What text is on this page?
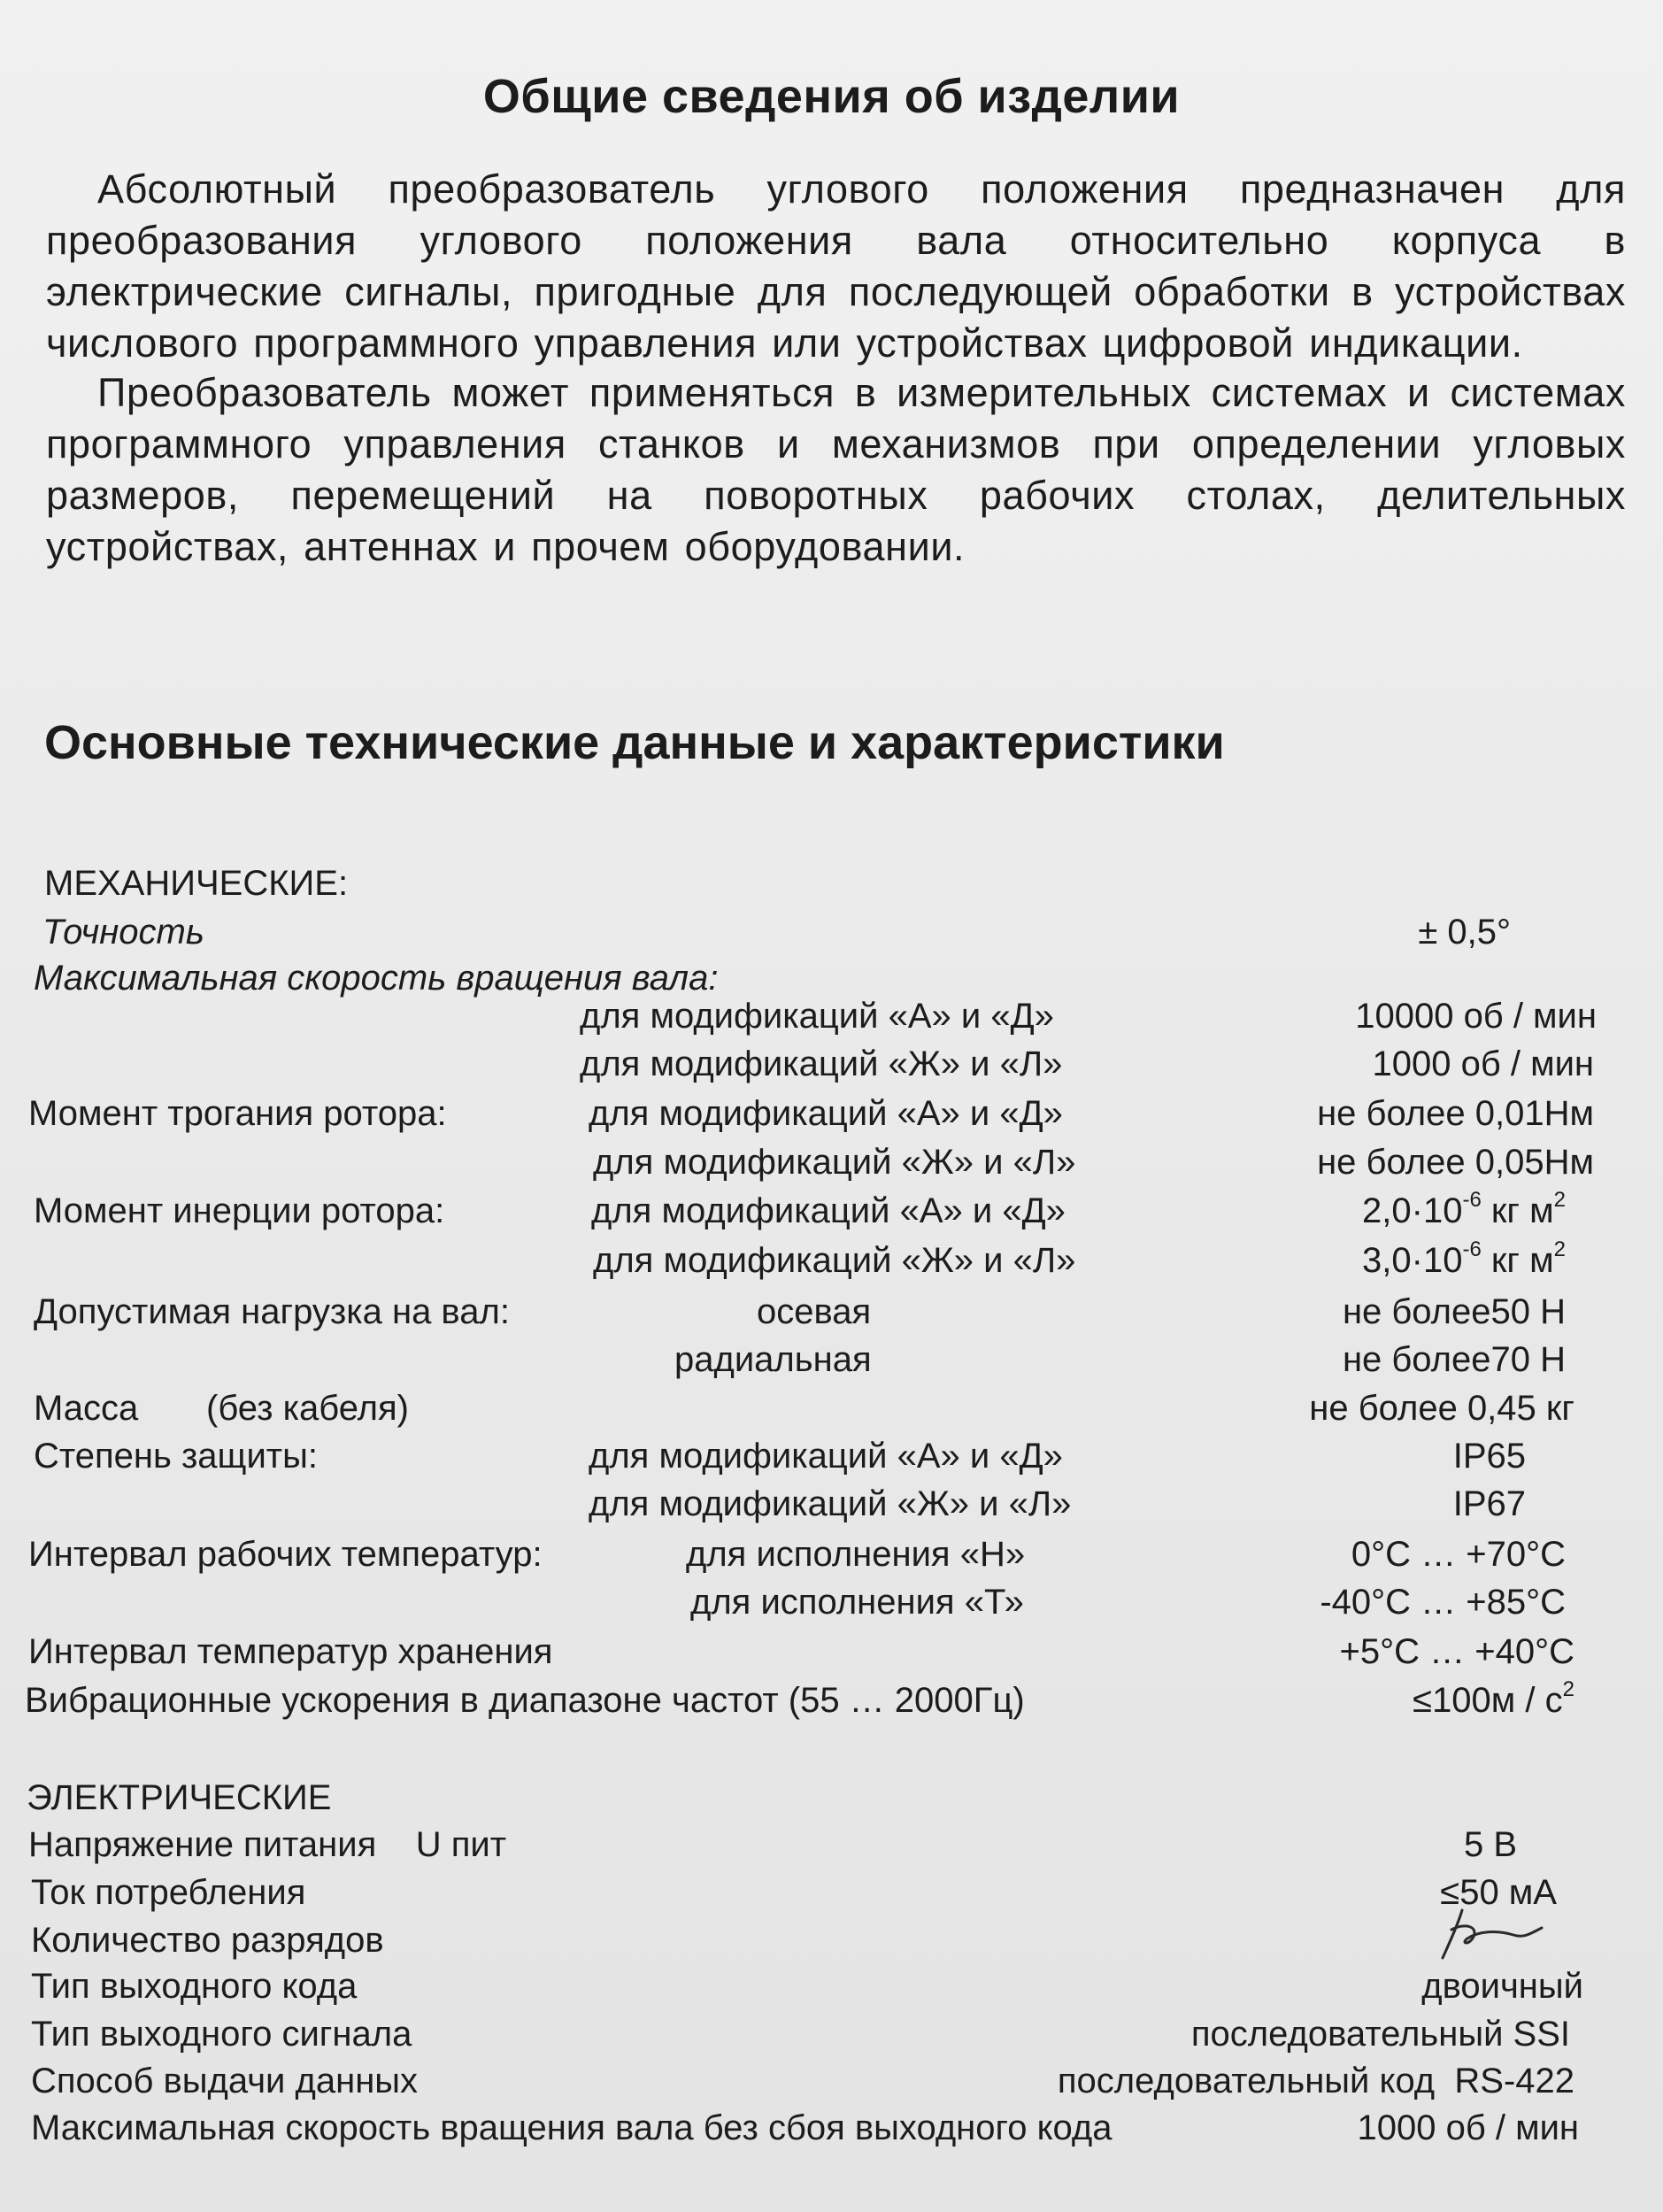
Общие сведения об изделии
Абсолютный преобразователь углового положения предназначен для преобразования углового положения вала относительно корпуса в электрические сигналы, пригодные для последующей обработки в устройствах числового программного управления или устройствах цифровой индикации.
Преобразователь может применяться в измерительных системах и системах программного управления станков и механизмов при определении угловых размеров, перемещений на поворотных рабочих столах, делительных устройствах, антеннах и прочем оборудовании.
Основные технические данные и характеристики
МЕХАНИЧЕСКИЕ:
Точность	± 0,5°
Максимальная скорость вращения вала:
для модификаций «А» и «Д»	10000 об / мин
для модификаций «Ж» и «Л»	1000 об / мин
Момент трогания ротора:	для модификаций «А» и «Д»	не более 0,01Нм
для модификаций «Ж» и «Л»	не более 0,05Нм
Момент инерции ротора:	для модификаций «А» и «Д»	$2,0\cdot 10^{-6}$ кг $м^2$
для модификаций «Ж» и «Л»	$3,0\cdot 10^{-6}$ кг $м^2$
Допустимая нагрузка на вал:	осевая	не более50 Н
радиальная	не более70 Н
Масса (без кабеля)	не более 0,45 кг
Степень защиты:	для модификаций «А» и «Д»	IP65
для модификаций «Ж» и «Л»	IP67
Интервал рабочих температур:	для исполнения «Н»	0°С … +70°С
для исполнения «Т»	-40°С … +85°С
Интервал температур хранения	+5°С … +40°С
Вибрационные ускорения в диапазоне частот (55 … 2000Гц)	$\le 100м / с^2$
ЭЛЕКТРИЧЕСКИЕ
Напряжение питания    U пит	5 В
Ток потребления	≤50 мА
Количество разрядов
Тип выходного кода	двоичный
Тип выходного сигнала	последовательный SSI
Способ выдачи данных	последовательный код  RS-422
Максимальная скорость вращения вала без сбоя выходного кода	1000 об / мин
